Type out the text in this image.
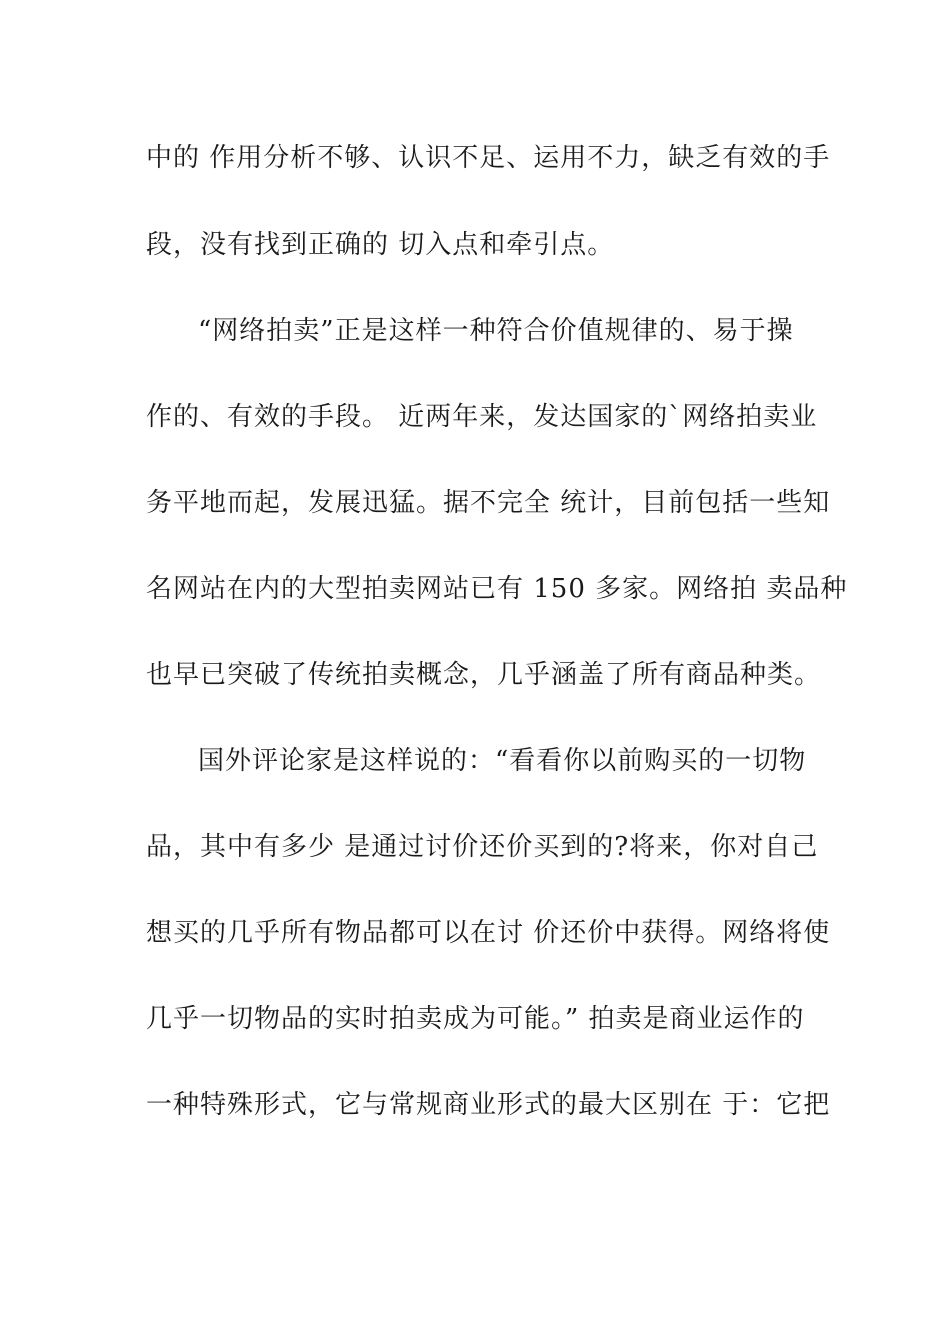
中的 作用分析不够、认识不足、运用不力，缺乏有效的手
段，没有找到正确的 切入点和牵引点。
“网络拍卖”正是这样一种符合价值规律的、易于操
作的、有效的手段。 近两年来，发达国家的`网络拍卖业
务平地而起，发展迅猛。据不完全 统计，目前包括一些知
名网站在内的大型拍卖网站已有 150 多家。网络拍 卖品种
也早已突破了传统拍卖概念，几乎涵盖了所有商品种类。
国外评论家是这样说的：“看看你以前购买的一切物
品，其中有多少 是通过讨价还价买到的?将来，你对自己
想买的几乎所有物品都可以在讨 价还价中获得。网络将使
几乎一切物品的实时拍卖成为可能。” 拍卖是商业运作的
一种特殊形式，它与常规商业形式的最大区别在 于：它把
